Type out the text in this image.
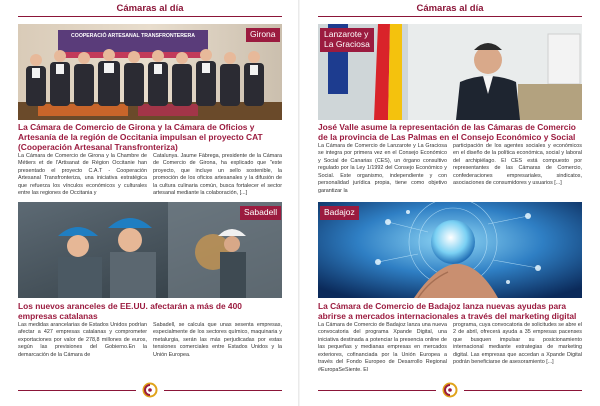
Cámaras al día
COOPERACIÓ ARTESANAL TRANSFRONTERERA	Girona
La Cámara de Comercio de Girona y la Cámara de Oficios y Artesanía de la región de Occitania impulsan el proyecto CAT (Cooperación Artesanal Transfronteriza)
La Cámara de Comercio de Girona y la Chambre de Métiers et de l'Artisanat de Région Occitanie han presentado el proyecto C.A.T - Cooperación Artesanal Transfronteriza, una iniciativa estratégica que refuerza los vínculos económicos y culturales entre las regiones de Occitania y
Catalunya. Jaume Fàbrega, presidente de la Cámara de Comercio de Girona, ha explicado que "este proyecto, que incluye un sello sostenible, la promoción de los oficios artesanales y la difusión de la cultura culinaria común, busca fortalecer el sector artesanal mediante la colaboración, [...]
Sabadell
Los nuevos aranceles de EE.UU. afectarán a más de 400 empresas catalanas
Las medidas arancelarias de Estados Unidos podrían afectar a 427 empresas catalanas y comprometer exportaciones por valor de 278,8 millones de euros, según las previsiones del Gobierno.En la demarcación de la Cámara de
Sabadell, se calcula que unas sesenta empresas, especialmente de los sectores químico, maquinaria y metalurgia, serán las más perjudicadas por estas tensiones comerciales entre Estados Unidos y la Unión Europea.
Cámaras al día
Lanzarote y
La Graciosa
José Valle asume la representación de las Cámaras de Comercio de la provincia de Las Palmas en el Consejo Económico y Social
La Cámara de Comercio de Lanzarote y La Graciosa se integra por primera vez en el Consejo Económico y Social de Canarias (CES), un órgano consultivo regulado por la Ley 1/1992 del Consejo Económico y Social. Este organismo, independiente y con personalidad jurídica propia, tiene como objetivo garantizar la
participación de los agentes sociales y económicos en el diseño de la política económica, social y laboral del archipiélago. El CES está compuesto por representantes de las Cámaras de Comercio, confederaciones empresariales, sindicatos, asociaciones de consumidores y usuarios [...]
Badajoz
La Cámara de Comercio de Badajoz lanza nuevas ayudas para abrirse a mercados internacionales a través del marketing digital
La Cámara de Comercio de Badajoz lanza una nueva convocatoria del programa Xpande Digital, una iniciativa destinada a potenciar la presencia online de las pequeñas y medianas empresas en mercados exteriores, cofinanciada por la Unión Europea a través del Fondo Europeo de Desarrollo Regional #EuropaSeSiente. El
programa, cuya convocatoria de solicitudes se abre el 2 de abril, ofrecerá ayuda a 35 empresas pacenses que busquen impulsar su posicionamiento internacional mediante estrategias de marketing digital. Las empresas que accedan a Xpande Digital podrán beneficiarse de asesoramiento [...]
